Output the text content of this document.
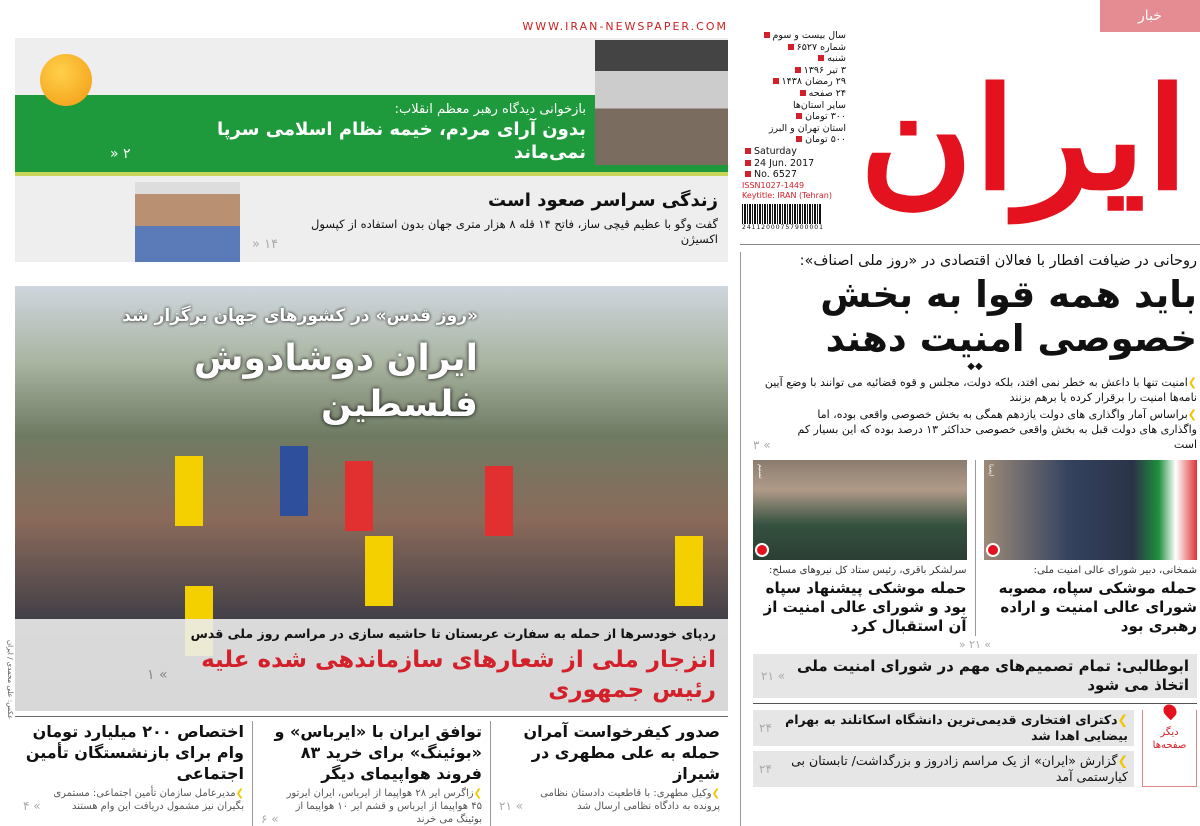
خبار
ایران
سال بیست و سوم
شماره ۶۵۲۷
شنبه
۳ تیر ۱۳۹۶
۲۹ رمضان ۱۴۳۸
۲۴ صفحه
سایر استان‌ها
۳۰۰ تومان
استان تهران و البرز
۵۰۰ تومان
Saturday
24 Jun. 2017
No. 6527
ISSN1027-1449
Keytitle: IRAN (Tehran)
24112000757900001
WWW.IRAN-NEWSPAPER.COM
» ۲
بازخوانی دیدگاه رهبر معظم انقلاب:
بدون آرای مردم، خیمه نظام اسلامی سرپا نمی‌ماند
» ۱۴
زندگی سراسر صعود است
گفت وگو با عظیم قیچی ساز، فاتح ۱۴ قله ۸ هزار متری جهان بدون استفاده از کپسول اکسیژن
«روز قدس» در کشورهای جهان برگزار شد
ایران دوشادوش فلسطین
ردپای خودسرها از حمله به سفارت عربستان تا حاشیه سازی در مراسم روز ملی قدس
انزجار ملی از شعارهای سازماندهی شده علیه رئیس جمهوری
» ۱
صدور کیفرخواست آمران حمله به علی مطهری در شیراز
❯ وکیل مطهری: با قاطعیت دادستان نظامی پرونده به دادگاه نظامی ارسال شد
» ۲۱
توافق ایران با «ایرباس» و «بوئینگ» برای خرید ۸۳ فروند هواپیمای دیگر
❯ زاگرس ایر ۲۸ هواپیما از ایرباس، ایران ایرتور ۴۵ هواپیما از ایرباس و قشم ایر ۱۰ هواپیما از بوئینگ می خرند
» ۶
اختصاص ۲۰۰ میلیارد تومان وام برای بازنشستگان تأمین اجتماعی
❯ مدیرعامل سازمان تأمین اجتماعی: مستمری بگیران نیز مشمول دریافت این وام هستند
» ۴
عکس: علی محمدی / ایران
روحانی در ضیافت افطار با فعالان اقتصادی در «روز ملی اصناف»:
باید همه قوا به بخش خصوصی امنیت دهند
◆◆
❯امنیت تنها با داعش به خطر نمی افتد، بلکه دولت، مجلس و قوه قضائیه می توانند با وضع آیین نامه‌ها امنیت را برقرار کرده یا برهم بزنند
❯براساس آمار واگذاری های دولت یازدهم همگی به بخش خصوصی واقعی بوده، اما واگذاری های دولت قبل به بخش واقعی خصوصی حداکثر ۱۳ درصد بوده که این بسیار کم است
» ۳
ایسنا
شمخانی، دبیر شورای عالی امنیت ملی:
حمله موشکی سپاه، مصوبه شورای عالی امنیت و اراده رهبری بود
تسنیم
سرلشکر باقری، رئیس ستاد کل نیروهای مسلح:
حمله موشکی پیشنهاد سپاه بود و شورای عالی امنیت از آن استقبال کرد
» ۲۱ «
ابوطالبی: تمام تصمیم‌های مهم در شورای امنیت ملی اتخاذ می شود
» ۲۱
دیگر
صفحه‌ها
❯ دکترای افتخاری قدیمی‌ترین دانشگاه اسکاتلند به بهرام بیضایی اهدا شد
۲۴
❯ گزارش «ایران» از یک مراسم زادروز و بزرگداشت/ تابستان بی کیارستمی آمد
۲۴
